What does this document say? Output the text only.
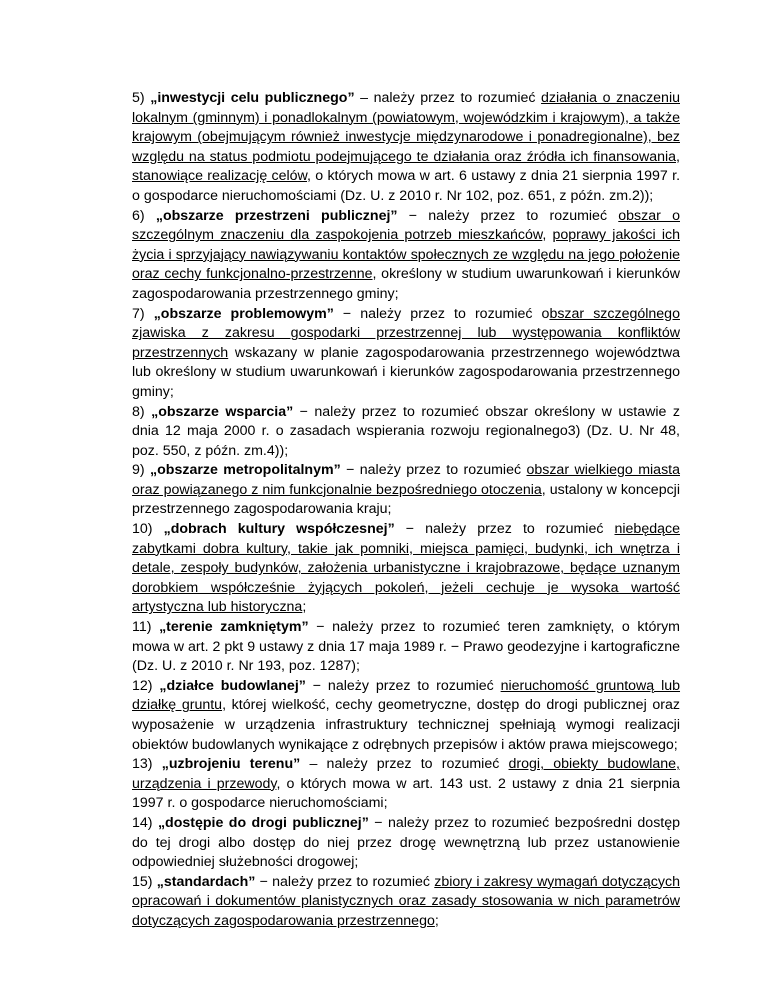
5) „inwestycji celu publicznego” – należy przez to rozumieć działania o znaczeniu lokalnym (gminnym) i ponadlokalnym (powiatowym, wojewódzkim i krajowym), a także krajowym (obejmującym również inwestycje międzynarodowe i ponadregionalne), bez względu na status podmiotu podejmującego te działania oraz źródła ich finansowania, stanowiące realizację celów, o których mowa w art. 6 ustawy z dnia 21 sierpnia 1997 r. o gospodarce nieruchomościami (Dz. U. z 2010 r. Nr 102, poz. 651, z późn. zm.2));

6) „obszarze przestrzeni publicznej” − należy przez to rozumieć obszar o szczególnym znaczeniu dla zaspokojenia potrzeb mieszkańców, poprawy jakości ich życia i sprzyjający nawiązywaniu kontaktów społecznych ze względu na jego położenie oraz cechy funkcjonalno-przestrzenne, określony w studium uwarunkowań i kierunków zagospodarowania przestrzennego gminy;

7) „obszarze problemowym” − należy przez to rozumieć obszar szczególnego zjawiska z zakresu gospodarki przestrzennej lub występowania konfliktów przestrzennych wskazany w planie zagospodarowania przestrzennego województwa lub określony w studium uwarunkowań i kierunków zagospodarowania przestrzennego gminy;

8) „obszarze wsparcia” − należy przez to rozumieć obszar określony w ustawie z dnia 12 maja 2000 r. o zasadach wspierania rozwoju regionalnego3) (Dz. U. Nr 48, poz. 550, z późn. zm.4));

9) „obszarze metropolitalnym” − należy przez to rozumieć obszar wielkiego miasta oraz powiązanego z nim funkcjonalnie bezpośredniego otoczenia, ustalony w koncepcji przestrzennego zagospodarowania kraju;

10) „dobrach kultury współczesnej” − należy przez to rozumieć niebędące zabytkami dobra kultury, takie jak pomniki, miejsca pamięci, budynki, ich wnętrza i detale, zespoły budynków, założenia urbanistyczne i krajobrazowe, będące uznanym dorobkiem współcześnie żyjących pokoleń, jeżeli cechuje je wysoka wartość artystyczna lub historyczna;

11) „terenie zamkniętym” − należy przez to rozumieć teren zamknięty, o którym mowa w art. 2 pkt 9 ustawy z dnia 17 maja 1989 r. − Prawo geodezyjne i kartograficzne (Dz. U. z 2010 r. Nr 193, poz. 1287);

12) „działce budowlanej” − należy przez to rozumieć nieruchomość gruntową lub działkę gruntu, której wielkość, cechy geometryczne, dostęp do drogi publicznej oraz wyposażenie w urządzenia infrastruktury technicznej spełniają wymogi realizacji obiektów budowlanych wynikające z odrębnych przepisów i aktów prawa miejscowego;

13) „uzbrojeniu terenu” – należy przez to rozumieć drogi, obiekty budowlane, urządzenia i przewody, o których mowa w art. 143 ust. 2 ustawy z dnia 21 sierpnia 1997 r. o gospodarce nieruchomościami;

14) „dostępie do drogi publicznej” − należy przez to rozumieć bezpośredni dostęp do tej drogi albo dostęp do niej przez drogę wewnętrzną lub przez ustanowienie odpowiedniej służebności drogowej;

15) „standardach” − należy przez to rozumieć zbiory i zakresy wymagań dotyczących opracowań i dokumentów planistycznych oraz zasady stosowania w nich parametrów dotyczących zagospodarowania przestrzennego;
